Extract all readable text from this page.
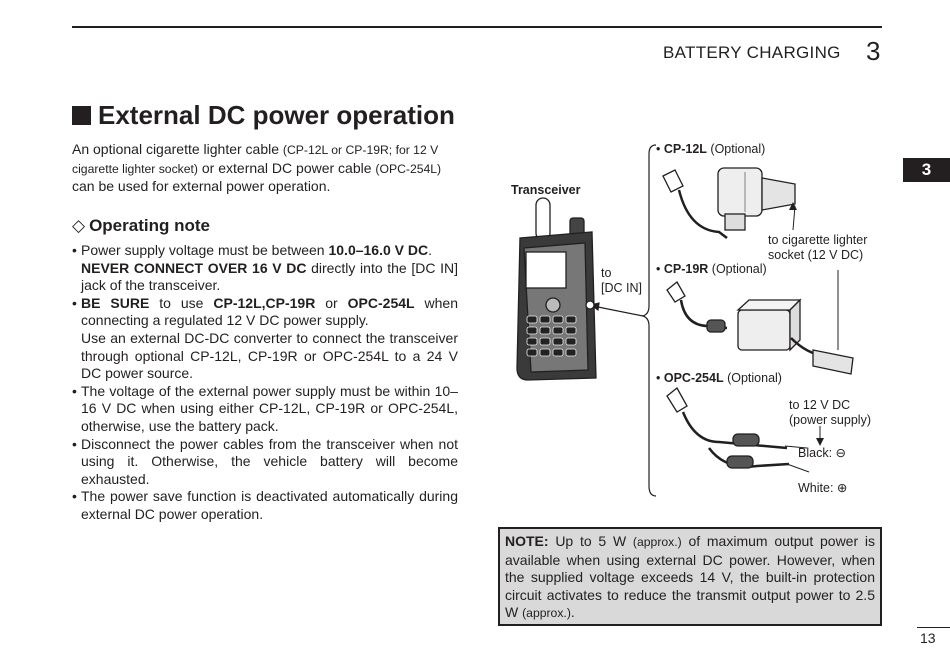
BATTERY CHARGING 3
3
External DC power operation
An optional cigarette lighter cable (CP-12L or CP-19R; for 12 V cigarette lighter socket) or external DC power cable (OPC-254L) can be used for external power operation.
◇ Operating note
• Power supply voltage must be between 10.0–16.0 V DC.
NEVER CONNECT OVER 16 V DC directly into the [DC IN] jack of the transceiver.
• BE SURE to use CP-12L,CP-19R or OPC-254L when connecting a regulated 12 V DC power supply.
Use an external DC-DC converter to connect the transceiver through optional CP-12L, CP-19R or OPC-254L to a 24 V DC power source.
• The voltage of the external power supply must be within 10–16 V DC when using either CP-12L, CP-19R or OPC-254L, otherwise, use the battery pack.
• Disconnect the power cables from the transceiver when not using it. Otherwise, the vehicle battery will become exhausted.
• The power save function is deactivated automatically during external DC power operation.
Transceiver
to
[DC IN]
• CP-12L (Optional)
to cigarette lighter
socket (12 V DC)
• CP-19R (Optional)
• OPC-254L (Optional)
to 12 V DC
(power supply)
Black: ⊖
White: ⊕
NOTE: Up to 5 W (approx.) of maximum output power is available when using external DC power. However, when the supplied voltage exceeds 14 V, the built-in protection circuit activates to reduce the transmit output power to 2.5 W (approx.).
13
